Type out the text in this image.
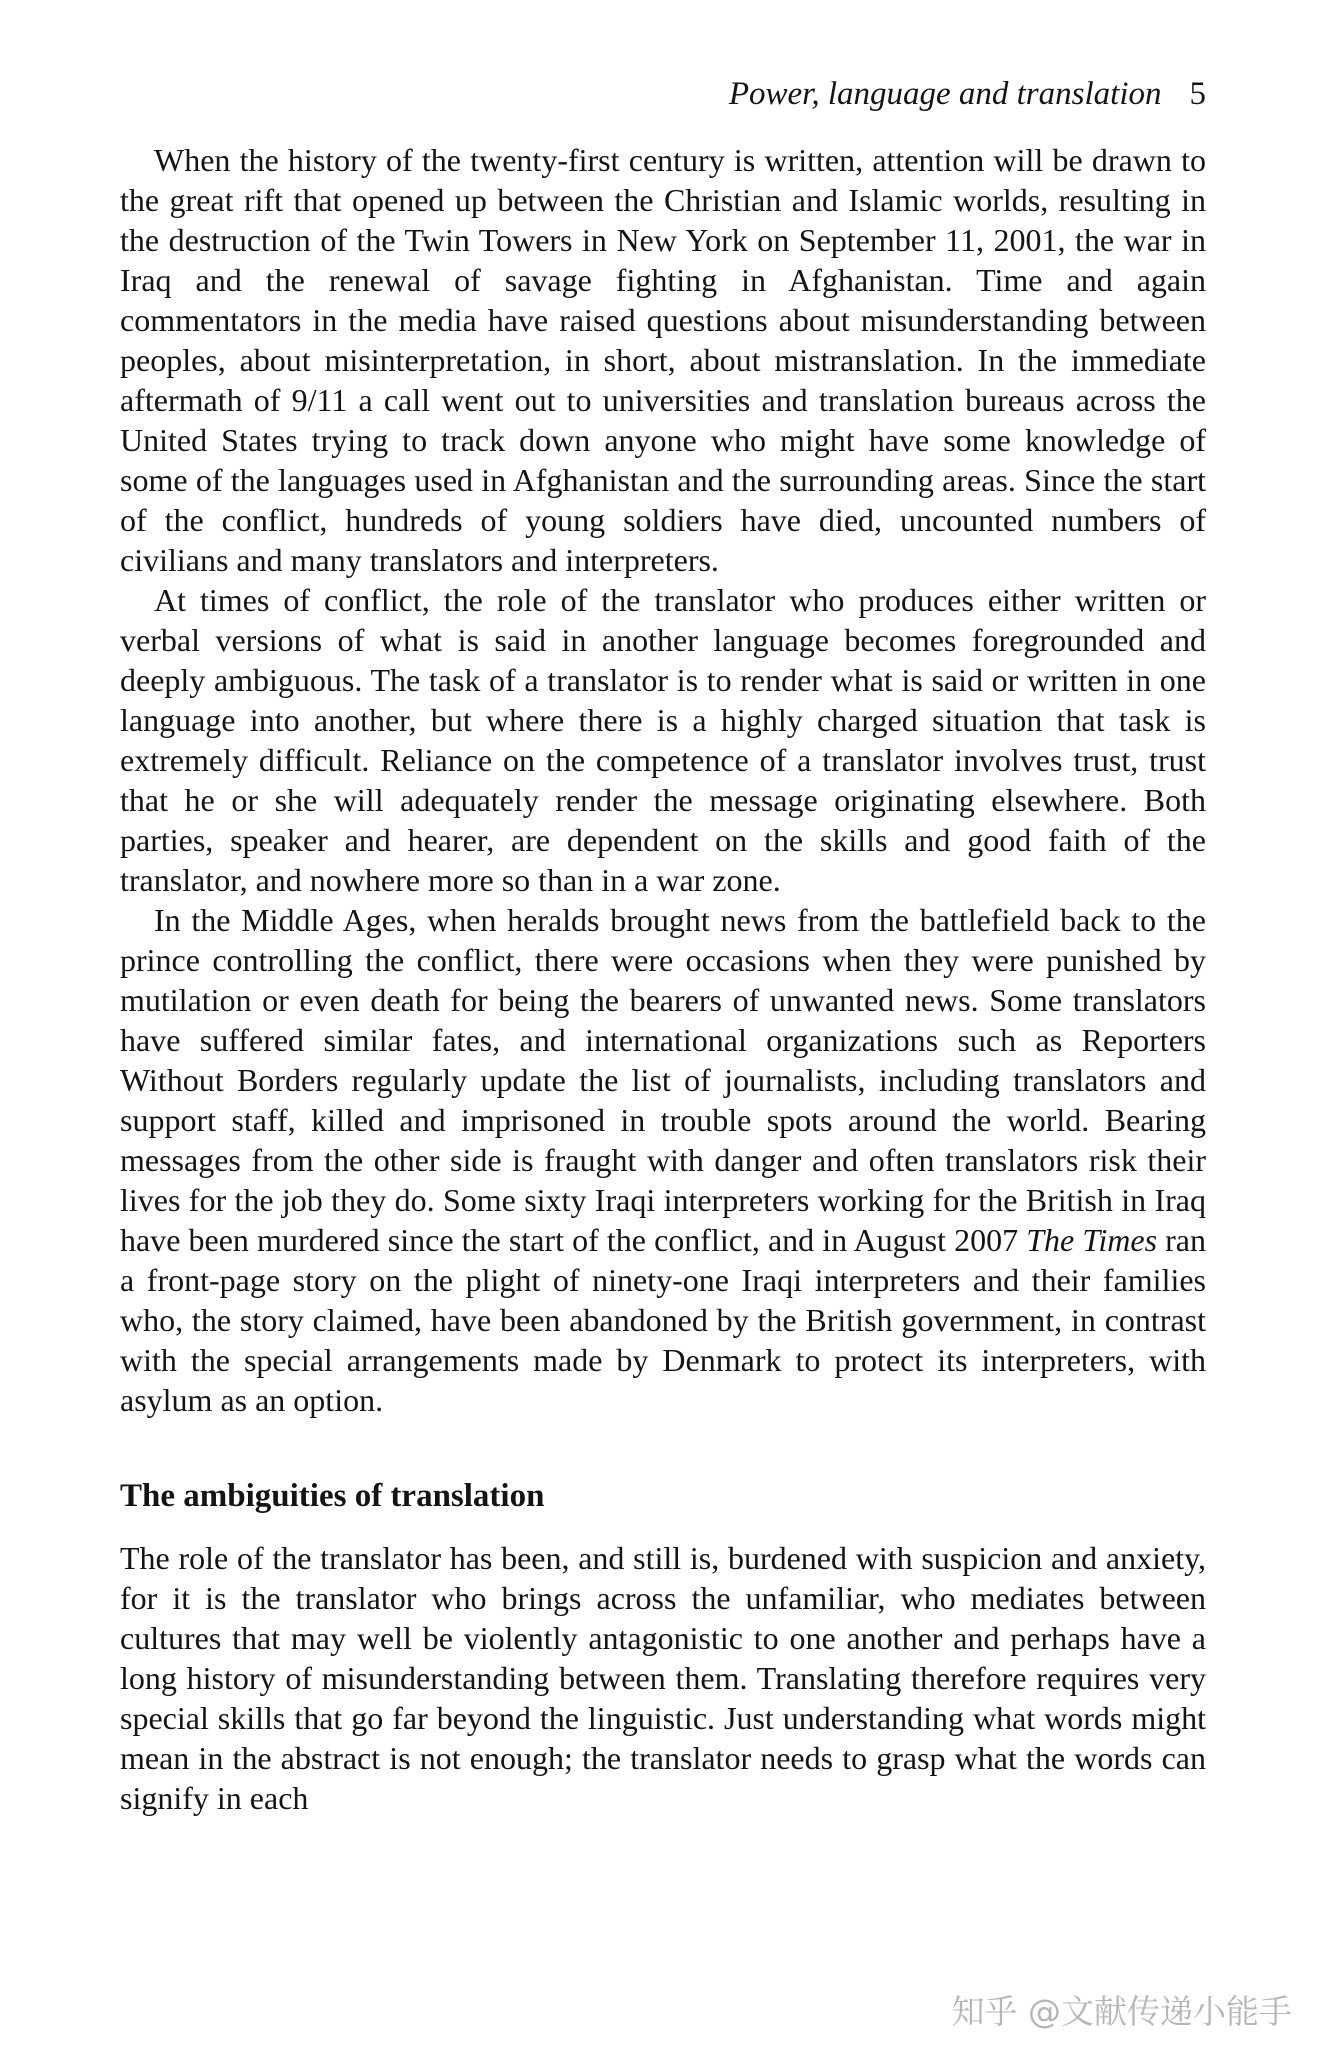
Power, language and translation 5

When the history of the twenty-first century is written, attention will be drawn to the great rift that opened up between the Christian and Islamic worlds, resulting in the destruction of the Twin Towers in New York on September 11, 2001, the war in Iraq and the renewal of savage fighting in Afghanistan. Time and again commentators in the media have raised questions about misunderstanding between peoples, about misinterpretation, in short, about mistranslation. In the immediate aftermath of 9/11 a call went out to universities and translation bureaus across the United States trying to track down anyone who might have some knowledge of some of the languages used in Afghanistan and the surrounding areas. Since the start of the conflict, hundreds of young soldiers have died, uncounted numbers of civilians and many translators and interpreters.

At times of conflict, the role of the translator who produces either written or verbal versions of what is said in another language becomes foregrounded and deeply ambiguous. The task of a translator is to render what is said or written in one language into another, but where there is a highly charged situation that task is extremely difficult. Reliance on the competence of a translator involves trust, trust that he or she will adequately render the message originating elsewhere. Both parties, speaker and hearer, are dependent on the skills and good faith of the translator, and nowhere more so than in a war zone.

In the Middle Ages, when heralds brought news from the battlefield back to the prince controlling the conflict, there were occasions when they were punished by mutilation or even death for being the bearers of unwanted news. Some translators have suffered similar fates, and international organizations such as Reporters Without Borders regularly update the list of journalists, including translators and support staff, killed and imprisoned in trouble spots around the world. Bearing messages from the other side is fraught with danger and often translators risk their lives for the job they do. Some sixty Iraqi interpreters working for the British in Iraq have been murdered since the start of the conflict, and in August 2007 The Times ran a front-page story on the plight of ninety-one Iraqi interpreters and their families who, the story claimed, have been abandoned by the British government, in contrast with the special arrangements made by Denmark to protect its interpreters, with asylum as an option.

The ambiguities of translation

The role of the translator has been, and still is, burdened with suspicion and anxiety, for it is the translator who brings across the unfamiliar, who mediates between cultures that may well be violently antagonistic to one another and perhaps have a long history of misunderstanding between them. Translating therefore requires very special skills that go far beyond the linguistic. Just understanding what words might mean in the abstract is not enough; the translator needs to grasp what the words can signify in each

知乎 @文献传递小能手
